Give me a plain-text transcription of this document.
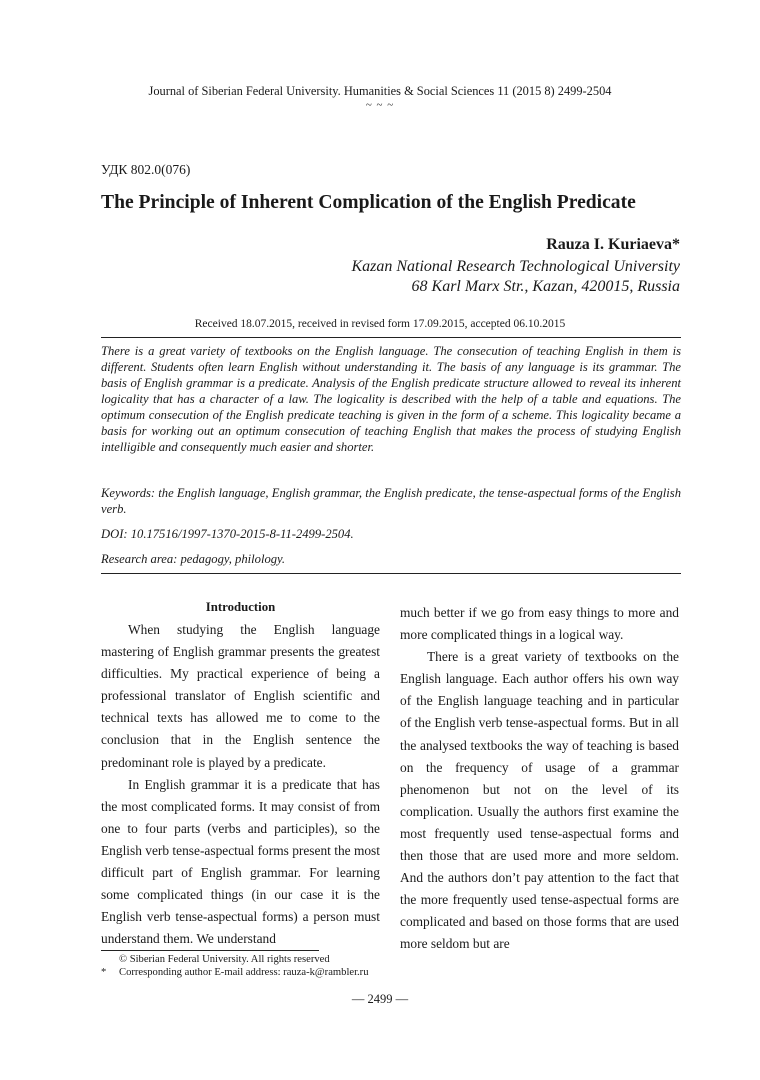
Journal of Siberian Federal University. Humanities & Social Sciences 11 (2015 8) 2499-2504
~ ~ ~
УДК 802.0(076)
The Principle of Inherent Complication of the English Predicate
Rauza I. Kuriaeva*
Kazan National Research Technological University
68 Karl Marx Str., Kazan, 420015, Russia
Received 18.07.2015, received in revised form 17.09.2015, accepted 06.10.2015

There is a great variety of textbooks on the English language. The consecution of teaching English in them is different. Students often learn English without understanding it. The basis of any language is its grammar. The basis of English grammar is a predicate. Analysis of the English predicate structure allowed to reveal its inherent logicality that has a character of a law. The logicality is described with the help of a table and equations. The optimum consecution of the English predicate teaching is given in the form of a scheme. This logicality became a basis for working out an optimum consecution of teaching English that makes the process of studying English intelligible and consequently much easier and shorter.

Keywords: the English language, English grammar, the English predicate, the tense-aspectual forms of the English verb.

DOI: 10.17516/1997-1370-2015-8-11-2499-2504.
Research area: pedagogy, philology.

Introduction

When studying the English language mastering of English grammar presents the greatest difficulties. My practical experience of being a professional translator of English scientific and technical texts has allowed me to come to the conclusion that in the English sentence the predominant role is played by a predicate.

In English grammar it is a predicate that has the most complicated forms. It may consist of from one to four parts (verbs and participles), so the English verb tense-aspectual forms present the most difficult part of English grammar. For learning some complicated things (in our case it is the English verb tense-aspectual forms) a person must understand them. We understand

much better if we go from easy things to more and more complicated things in a logical way.

There is a great variety of textbooks on the English language. Each author offers his own way of the English language teaching and in particular of the English verb tense-aspectual forms. But in all the analysed textbooks the way of teaching is based on the frequency of usage of a grammar phenomenon but not on the level of its complication. Usually the authors first examine the most frequently used tense-aspectual forms and then those that are used more and more seldom. And the authors don’t pay attention to the fact that the more frequently used tense-aspectual forms are complicated and based on those forms that are used more seldom but are

© Siberian Federal University. All rights reserved
* Corresponding author E-mail address: rauza-k@rambler.ru
— 2499 —
